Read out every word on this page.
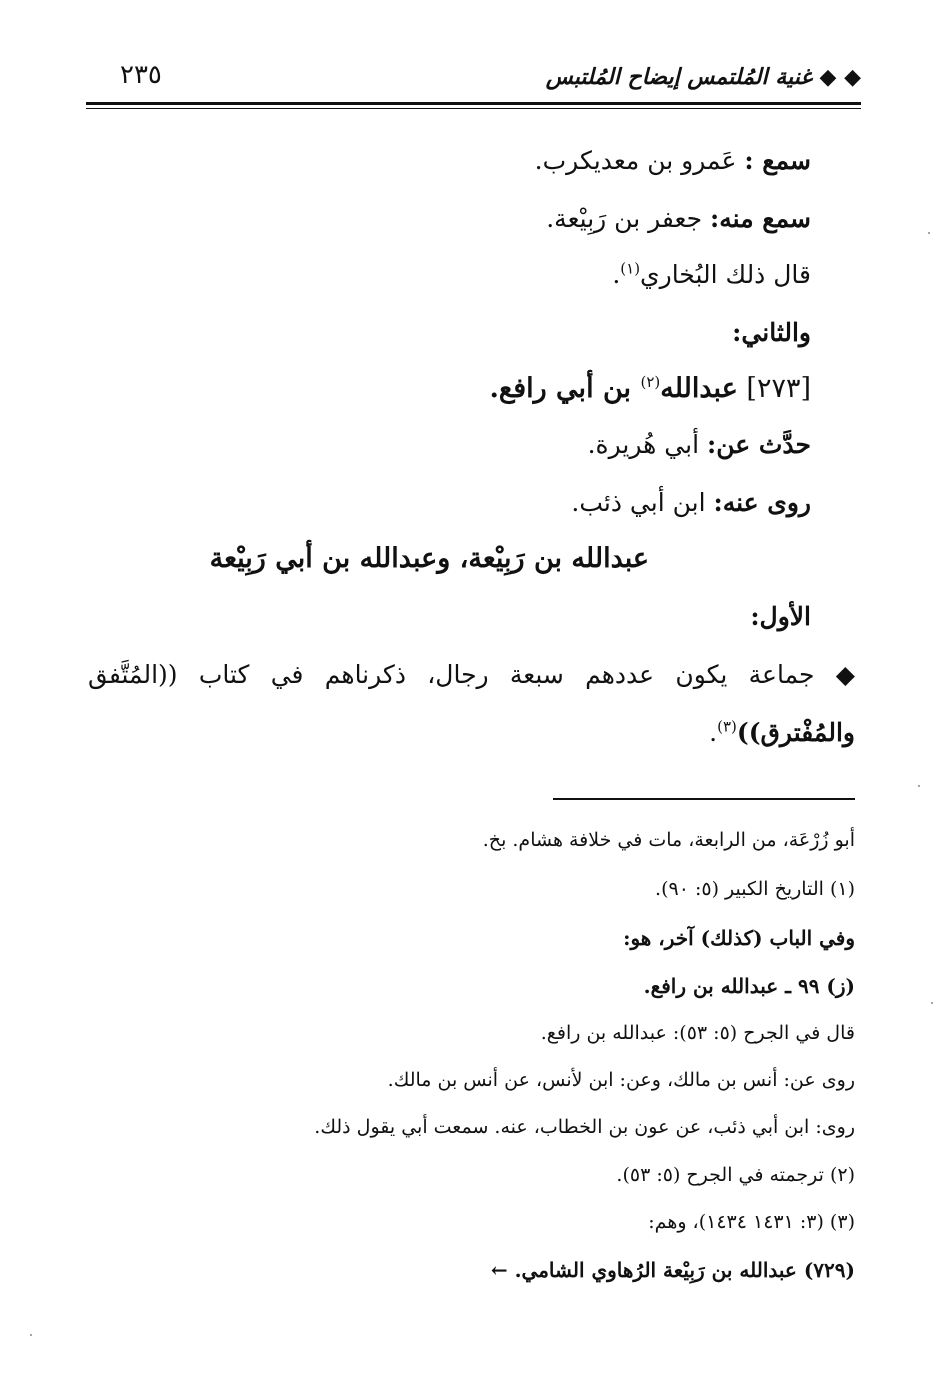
◆ ◆ غنية المُلتمس إيضاح المُلتبس
٢٣٥
سمع : عَمرو بن معديكرب.
سمع منه: جعفر بن رَبِيْعة.
قال ذلك البُخاري$^{(١)}$.
والثاني:
[٢٧٣] عبدالله$^{(٢)}$ بن أبي رافع.
حدَّث عن: أبي هُريرة.
روى عنه: ابن أبي ذئب.
عبدالله بن رَبِيْعة، وعبدالله بن أبي رَبِيْعة
الأول:
◆ جماعة يكون عددهم سبعة رجال، ذكرناهم في كتاب ((المُتَّفق
والمُفْترق))$^{(٣)}$.
أبو زُرْعَة، من الرابعة، مات في خلافة هشام. بخ.
(١) التاريخ الكبير (٥: ٩٠).
وفي الباب (كذلك) آخر، هو:
(ز) ٩٩ ـ عبدالله بن رافع.
قال في الجرح (٥: ٥٣): عبدالله بن رافع.
روى عن: أنس بن مالك، وعن: ابن لأنس، عن أنس بن مالك.
روى: ابن أبي ذئب، عن عون بن الخطاب، عنه. سمعت أبي يقول ذلك.
(٢) ترجمته في الجرح (٥: ٥٣).
(٣) (٣: ١٤٣١ ١٤٣٤)، وهم:
(٧٢٩) عبدالله بن رَبِيْعة الرُهاوي الشامي. ←
